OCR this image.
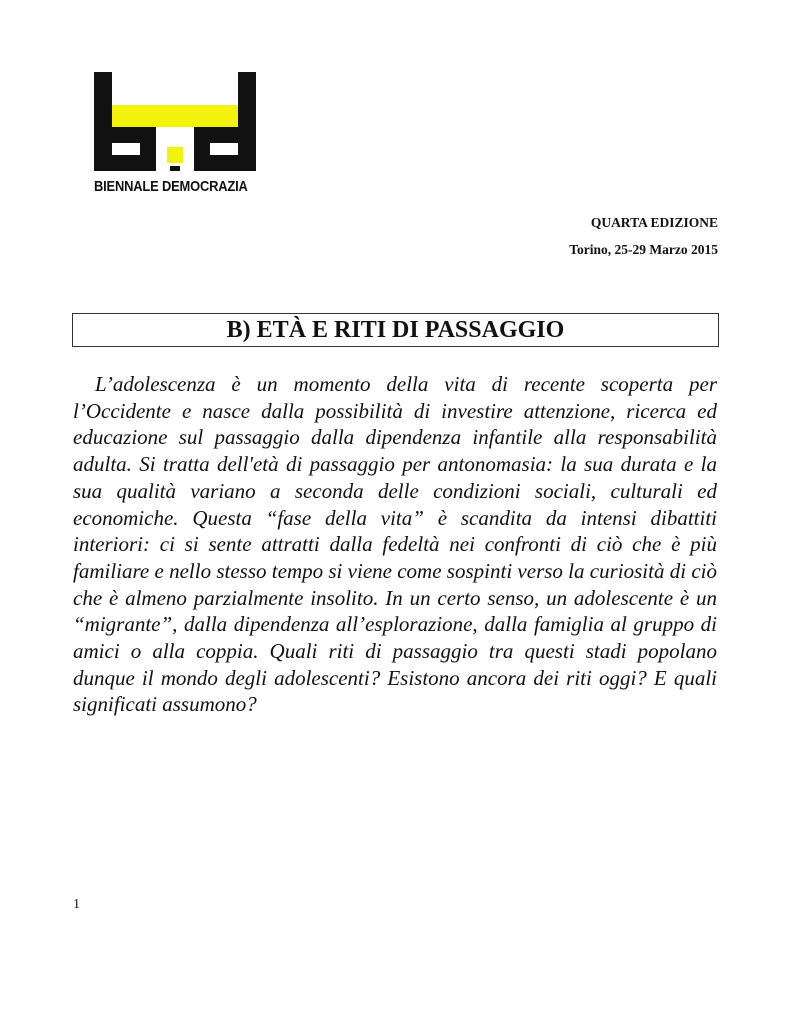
BIENNALE DEMOCRAZIA
QUARTA EDIZIONE
Torino, 25-29 Marzo 2015
B) ETÀ E RITI DI PASSAGGIO

L’adolescenza è un momento della vita di recente scoperta per l’Occidente e nasce dalla possibilità di investire attenzione, ricerca ed educazione sul passaggio dalla dipendenza infantile alla responsabilità adulta. Si tratta dell'età di passaggio per antonomasia: la sua durata e la sua qualità variano a seconda delle condizioni sociali, culturali ed economiche. Questa “fase della vita” è scandita da intensi dibattiti interiori: ci si sente attratti dalla fedeltà nei confronti di ciò che è più familiare e nello stesso tempo si viene come sospinti verso la curiosità di ciò che è almeno parzialmente insolito. In un certo senso, un adolescente è un “migrante”, dalla dipendenza all’esplorazione, dalla famiglia al gruppo di amici o alla coppia. Quali riti di passaggio tra questi stadi popolano dunque il mondo degli adolescenti? Esistono ancora dei riti oggi? E quali significati assumono?

1
